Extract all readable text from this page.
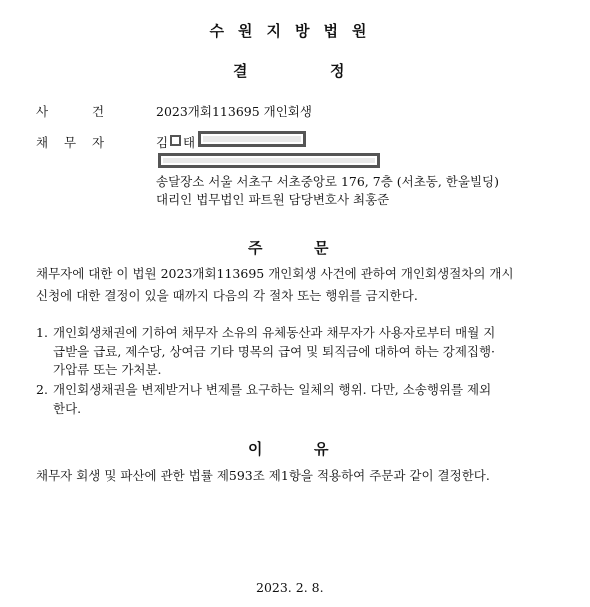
수원지방법원
결	정
사	건	2023개회113695 개인회생
채 무 자	김 태
송달장소 서울 서초구 서초중앙로 176, 7층 (서초동, 한울빌딩)
대리인 법무법인 파트원 담당변호사 최홍준
주	문
채무자에 대한 이 법원 2023개회113695 개인회생 사건에 관하여 개인회생절차의 개시
신청에 대한 결정이 있을 때까지 다음의 각 절차 또는 행위를 금지한다.
1. 개인회생채권에 기하여 채무자 소유의 유체동산과 채무자가 사용자로부터 매월 지
급받을 급료, 제수당, 상여금 기타 명목의 급여 및 퇴직금에 대하여 하는 강제집행·
가압류 또는 가처분.
2. 개인회생채권을 변제받거나 변제를 요구하는 일체의 행위. 다만, 소송행위를 제외
한다.
이	유
채무자 회생 및 파산에 관한 법률 제593조 제1항을 적용하여 주문과 같이 결정한다.
2023. 2. 8.
